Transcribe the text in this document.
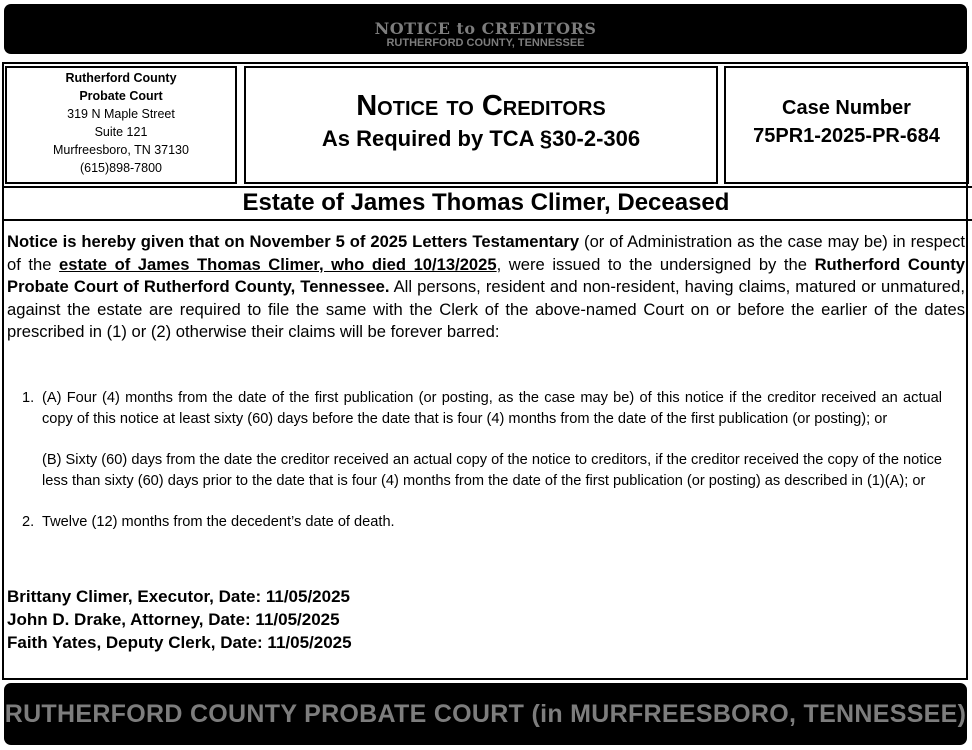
NOTICE to CREDITORS
RUTHERFORD COUNTY, TENNESSEE
Rutherford County
Probate Court
319 N Maple Street
Suite 121
Murfreesboro, TN 37130
(615)898-7800
Notice to Creditors
As Required by TCA §30-2-306
Case Number
75PR1-2025-PR-684
Estate of James Thomas Climer, Deceased
Notice is hereby given that on November 5 of 2025 Letters Testamentary (or of Administration as the case may be) in respect of the estate of James Thomas Climer, who died 10/13/2025, were issued to the undersigned by the Rutherford County Probate Court of Rutherford County, Tennessee. All persons, resident and non-resident, having claims, matured or unmatured, against the estate are required to file the same with the Clerk of the above-named Court on or before the earlier of the dates prescribed in (1) or (2) otherwise their claims will be forever barred:
1. (A) Four (4) months from the date of the first publication (or posting, as the case may be) of this notice if the creditor received an actual copy of this notice at least sixty (60) days before the date that is four (4) months from the date of the first publication (or posting); or
(B) Sixty (60) days from the date the creditor received an actual copy of the notice to creditors, if the creditor received the copy of the notice less than sixty (60) days prior to the date that is four (4) months from the date of the first publication (or posting) as described in (1)(A); or
2. Twelve (12) months from the decedent’s date of death.
Brittany Climer, Executor, Date: 11/05/2025
John D. Drake, Attorney, Date: 11/05/2025
Faith Yates, Deputy Clerk, Date: 11/05/2025
RUTHERFORD COUNTY PROBATE COURT (in MURFREESBORO, TENNESSEE)
